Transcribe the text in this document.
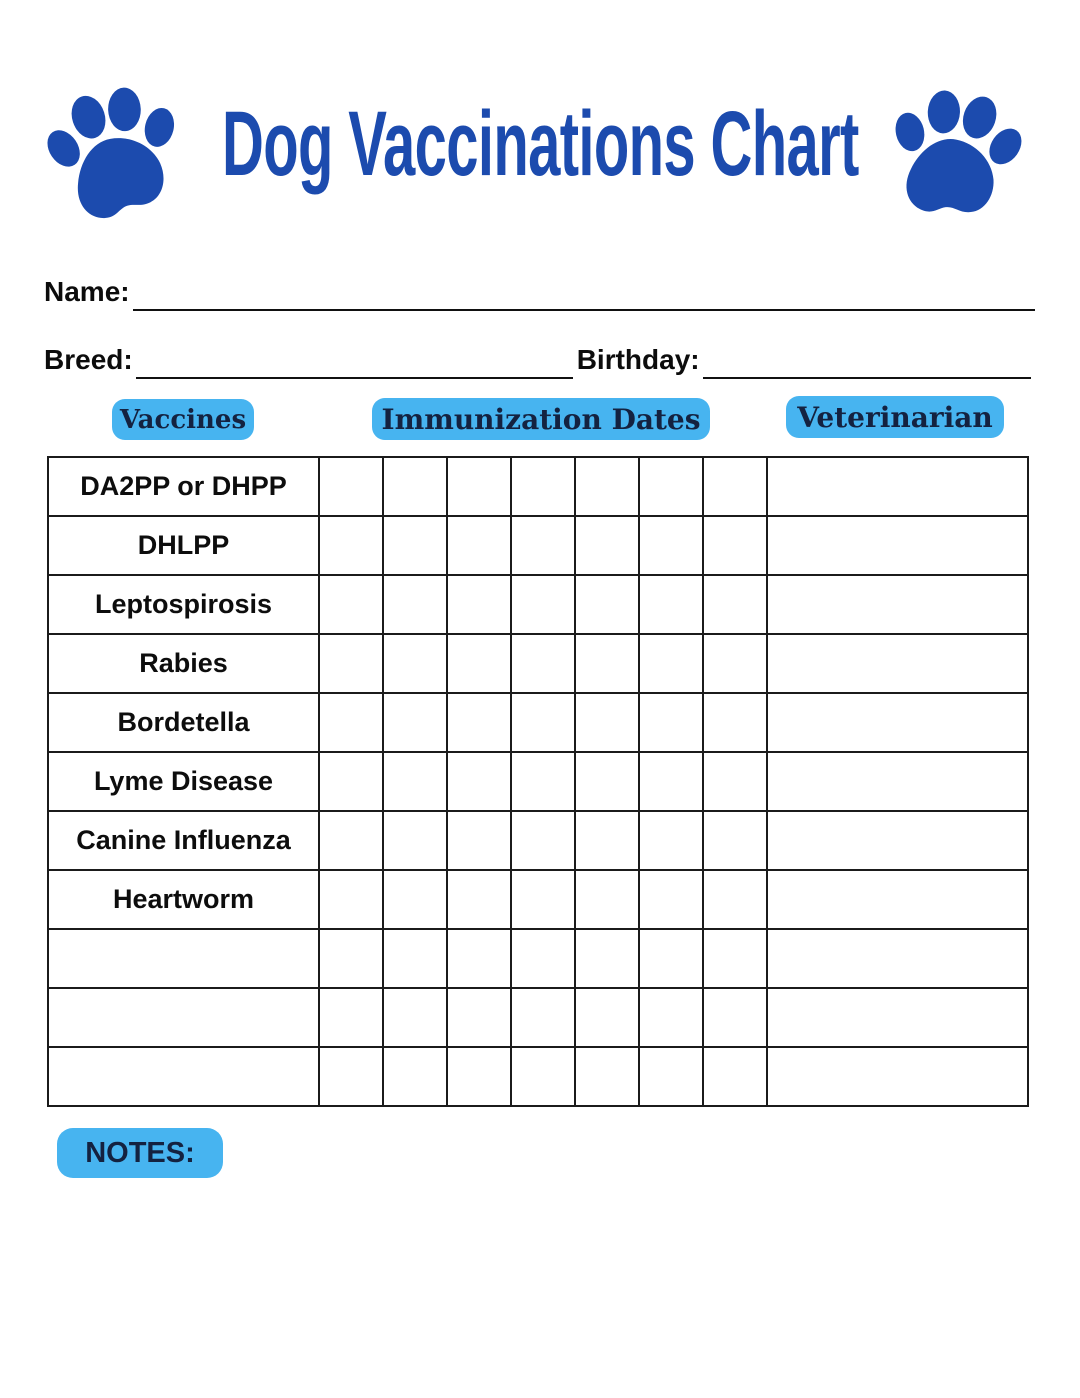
Dog Vaccinations Chart
Name:
Breed:	Birthday:
Vaccines	Immunization Dates	Veterinarian
DA2PP or DHPP								
DHLPP								
Leptospirosis								
Rabies								
Bordetella								
Lyme Disease								
Canine Influenza								
Heartworm								

NOTES:
